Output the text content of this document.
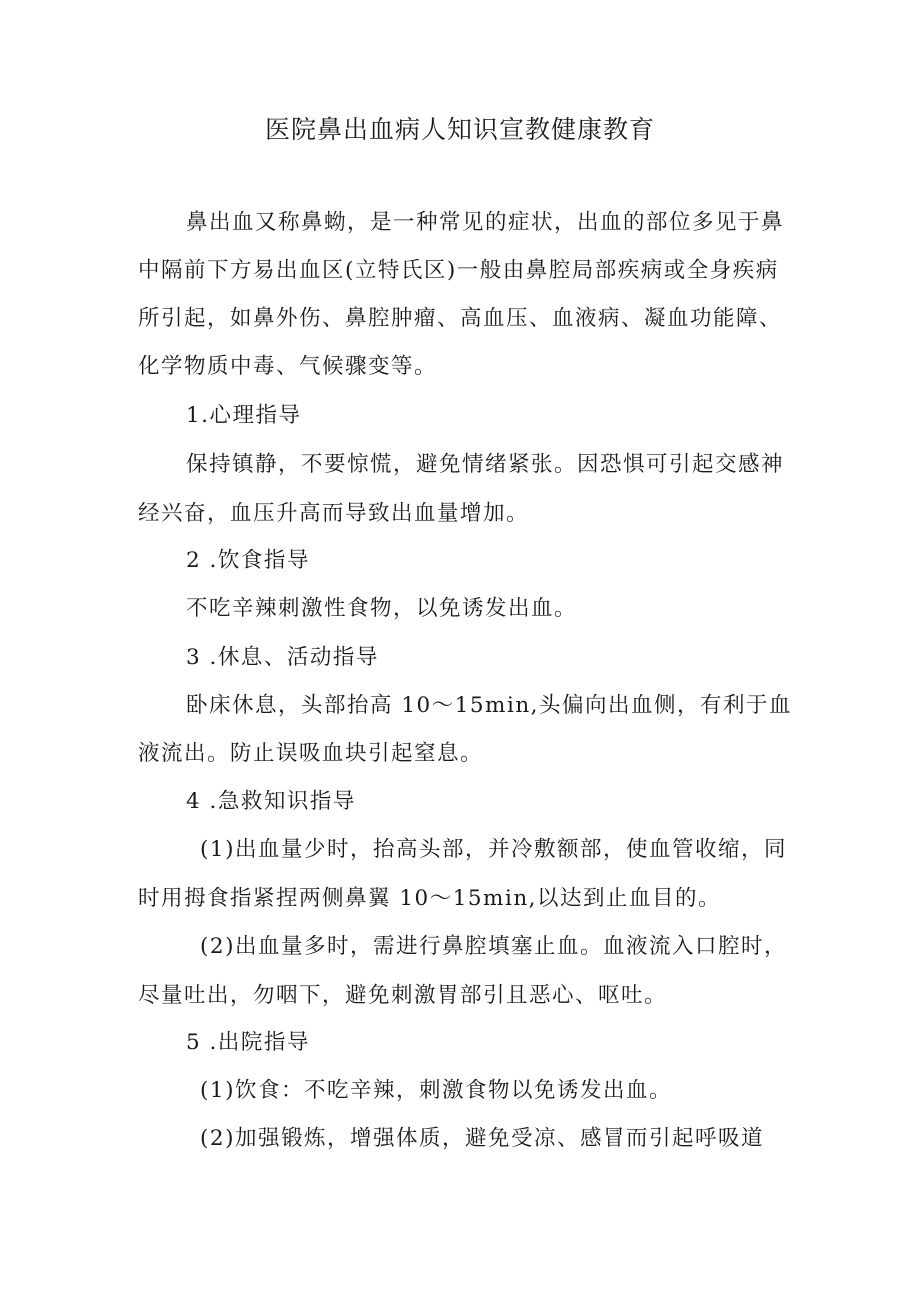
医院鼻出血病人知识宣教健康教育
鼻出血又称鼻蚴，是一种常见的症状，出血的部位多见于鼻
中隔前下方易出血区(立特氏区)一般由鼻腔局部疾病或全身疾病
所引起，如鼻外伤、鼻腔肿瘤、高血压、血液病、凝血功能障、
化学物质中毒、气候骤变等。
1.心理指导
保持镇静，不要惊慌，避免情绪紧张。因恐惧可引起交感神
经兴奋，血压升高而导致出血量增加。
2 .饮食指导
不吃辛辣刺激性食物，以免诱发出血。
3 .休息、活动指导
卧床休息，头部抬高 10～15min,头偏向出血侧，有利于血
液流出。防止误吸血块引起窒息。
4 .急救知识指导
(1)出血量少时，抬高头部，并冷敷额部，使血管收缩，同
时用拇食指紧捏两侧鼻翼 10～15min,以达到止血目的。
(2)出血量多时，需进行鼻腔填塞止血。血液流入口腔时，
尽量吐出，勿咽下，避免刺激胃部引且恶心、呕吐。
5 .出院指导
(1)饮食：不吃辛辣，刺激食物以免诱发出血。
(2)加强锻炼，增强体质，避免受凉、感冒而引起呼吸道
